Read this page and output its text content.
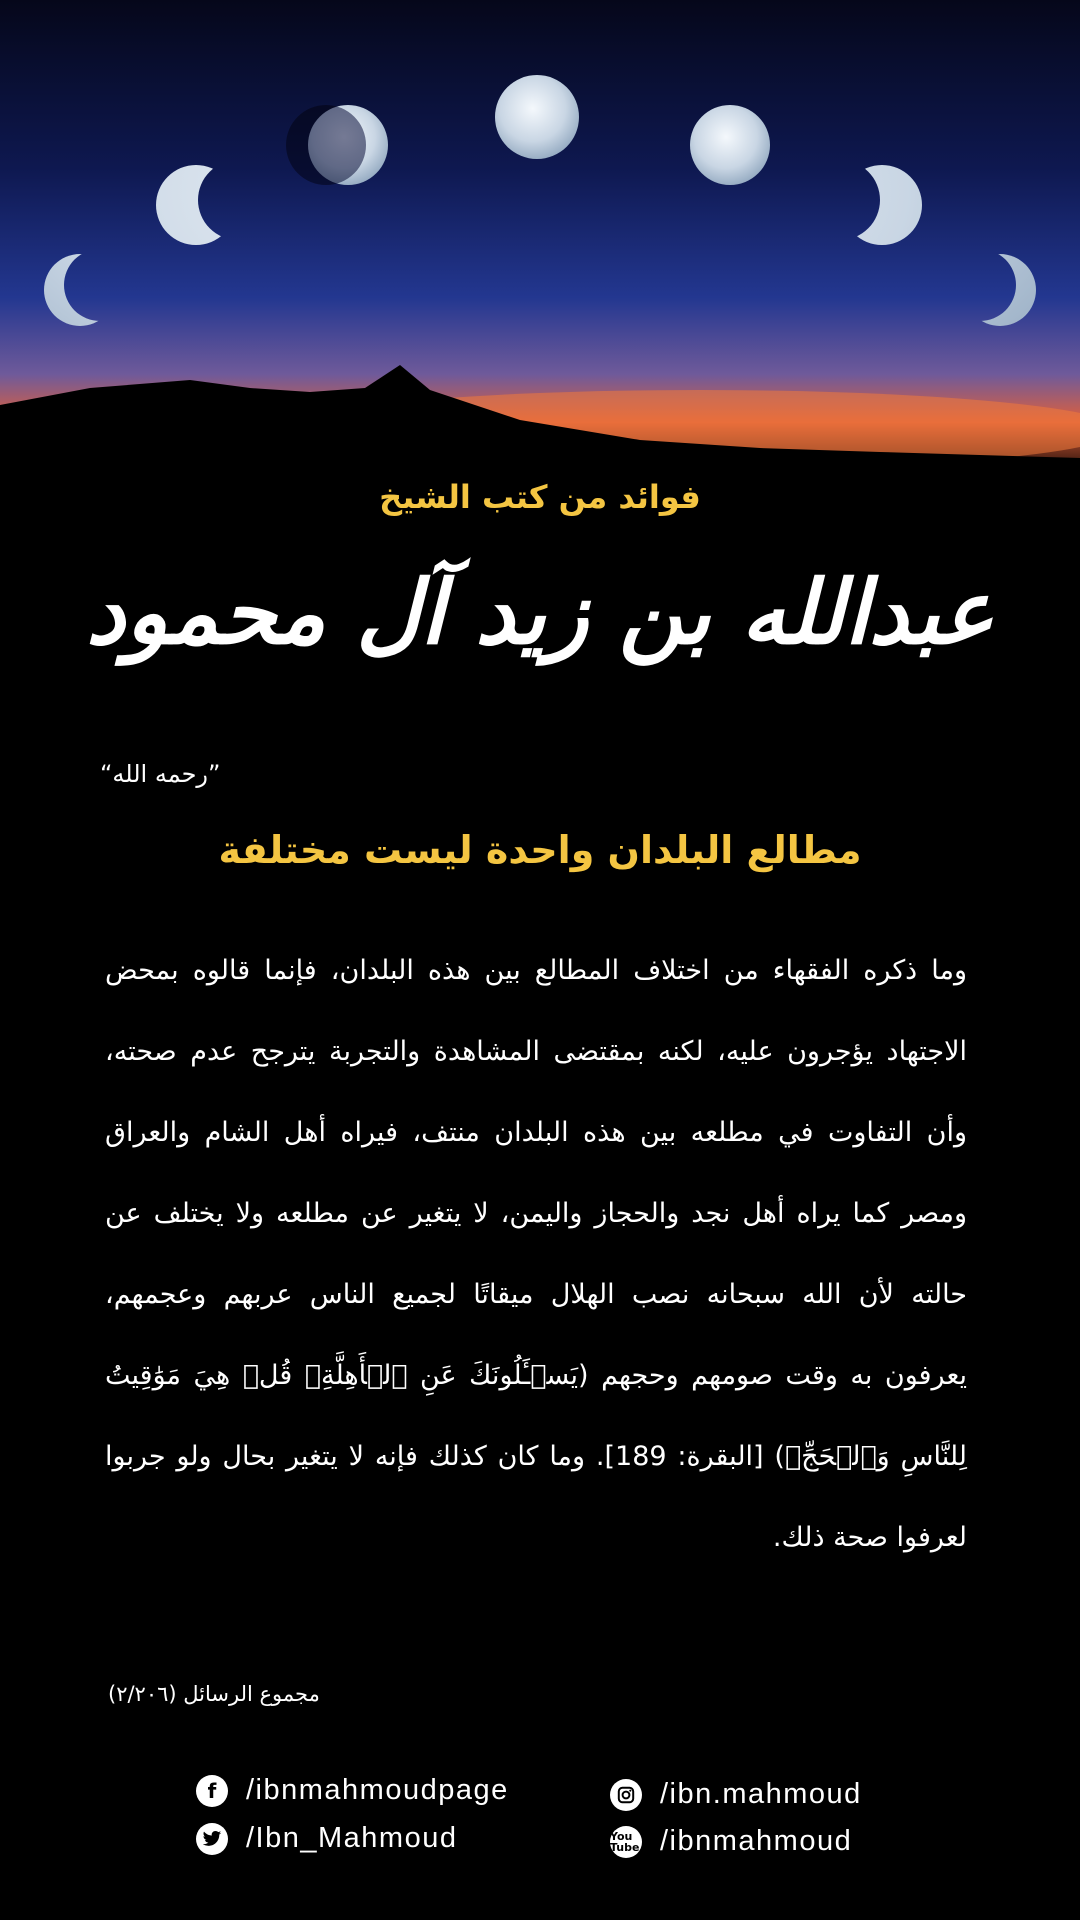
فوائد من كتب الشيخ
عبدالله بن زيد آل محمود
”رحمه الله“
مطالع البلدان واحدة ليست مختلفة
وما ذكره الفقهاء من اختلاف المطالع بين هذه البلدان، فإنما قالوه بمحض الاجتهاد يؤجرون عليه، لكنه بمقتضى المشاهدة والتجربة يترجح عدم صحته، وأن التفاوت في مطلعه بين هذه البلدان منتف، فيراه أهل الشام والعراق ومصر كما يراه أهل نجد والحجاز واليمن، لا يتغير عن مطلعه ولا يختلف عن حالته لأن الله سبحانه نصب الهلال ميقاتًا لجميع الناس عربهم وعجمهم، يعرفون به وقت صومهم وحجهم (يَسۡـَٔلُونَكَ عَنِ ٱلۡأَهِلَّةِۖ قُلۡ هِيَ مَوَٰقِيتُ لِلنَّاسِ وَٱلۡحَجِّۗ) [البقرة: 189]. وما كان كذلك فإنه لا يتغير بحال ولو جربوا لعرفوا صحة ذلك.
مجموع الرسائل (٢/٢٠٦)
f	/ibnmahmoudpage
/Ibn_Mahmoud
/ibn.mahmoud
You Tube /ibnmahmoud
